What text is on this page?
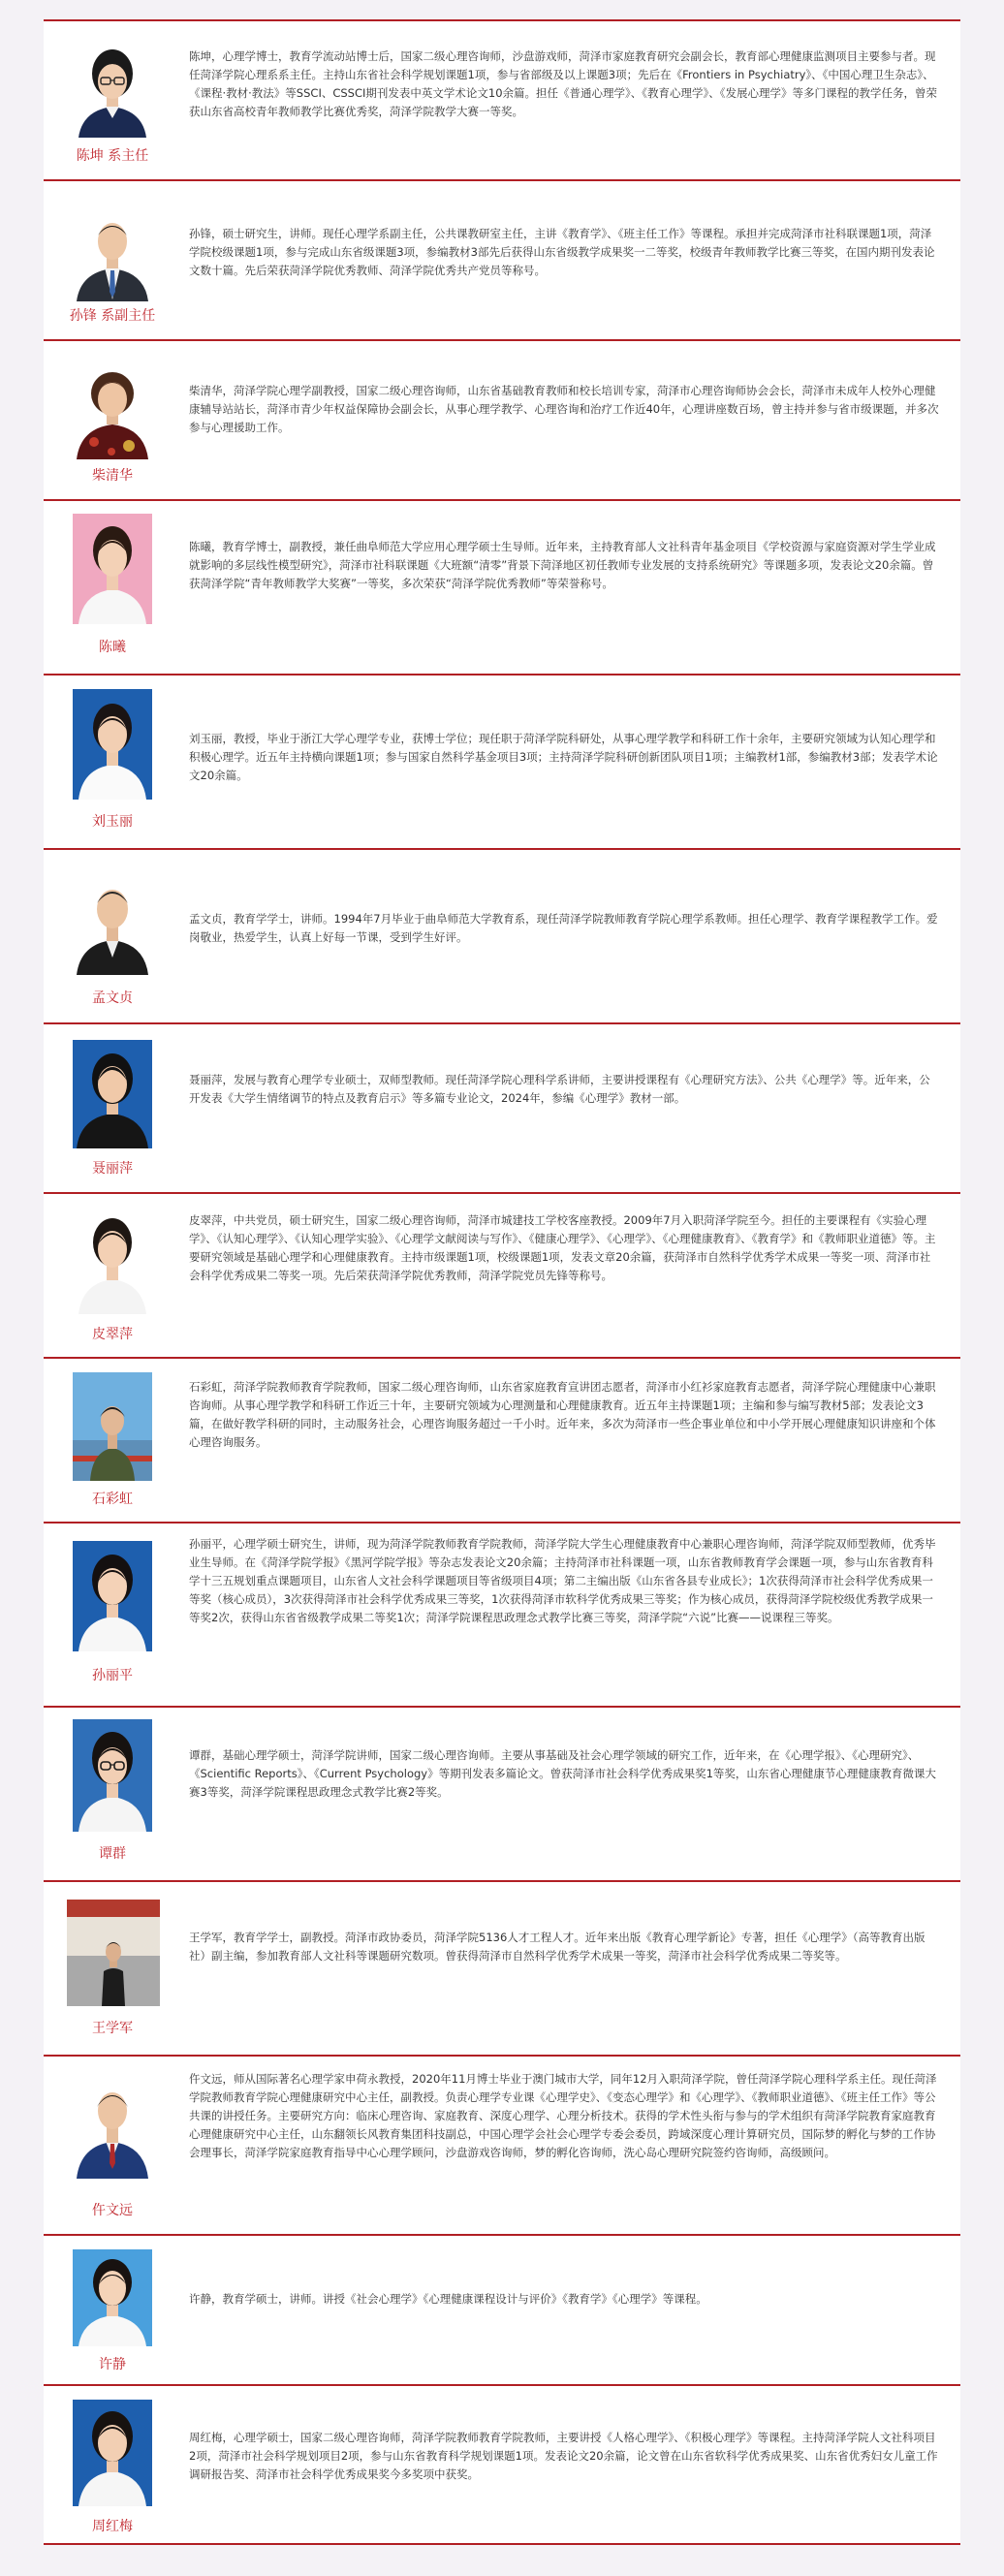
陈坤 系主任

陈坤，心理学博士，教育学流动站博士后，国家二级心理咨询师，沙盘游戏师，菏泽市家庭教育研究会副会长，教育部心理健康监测项目主要参与者。现任菏泽学院心理系系主任。主持山东省社会科学规划课题1项，参与省部级及以上课题3项；先后在《Frontiers in Psychiatry》、《中国心理卫生杂志》、《课程·教材·教法》等SSCI、CSSCI期刊发表中英文学术论文10余篇。担任《普通心理学》、《教育心理学》、《发展心理学》等多门课程的教学任务，曾荣获山东省高校青年教师教学比赛优秀奖，菏泽学院教学大赛一等奖。

孙锋 系副主任

孙锋，硕士研究生，讲师。现任心理学系副主任，公共课教研室主任，主讲《教育学》、《班主任工作》等课程。承担并完成菏泽市社科联课题1项，菏泽学院校级课题1项，参与完成山东省级课题3项，参编教材3部先后获得山东省级教学成果奖一二等奖，校级青年教师教学比赛三等奖，在国内期刊发表论文数十篇。先后荣获菏泽学院优秀教师、菏泽学院优秀共产党员等称号。

柴清华

柴清华，菏泽学院心理学副教授，国家二级心理咨询师，山东省基础教育教师和校长培训专家，菏泽市心理咨询师协会会长，菏泽市未成年人校外心理健康辅导站站长，菏泽市青少年权益保障协会副会长，从事心理学教学、心理咨询和治疗工作近40年，心理讲座数百场，曾主持并参与省市级课题，并多次参与心理援助工作。

陈曦

陈曦，教育学博士，副教授，兼任曲阜师范大学应用心理学硕士生导师。近年来，主持教育部人文社科青年基金项目《学校资源与家庭资源对学生学业成就影响的多层线性模型研究》，菏泽市社科联课题《大班额“清零”背景下菏泽地区初任教师专业发展的支持系统研究》等课题多项，发表论文20余篇。曾获菏泽学院“青年教师教学大奖赛”一等奖，多次荣获“菏泽学院优秀教师”等荣誉称号。

刘玉丽

刘玉丽，教授，毕业于浙江大学心理学专业，获博士学位；现任职于菏泽学院科研处，从事心理学教学和科研工作十余年，主要研究领域为认知心理学和积极心理学。近五年主持横向课题1项；参与国家自然科学基金项目3项；主持菏泽学院科研创新团队项目1项；主编教材1部，参编教材3部；发表学术论文20余篇。

孟文贞

孟文贞，教育学学士，讲师。1994年7月毕业于曲阜师范大学教育系，现任菏泽学院教师教育学院心理学系教师。担任心理学、教育学课程教学工作。爱岗敬业，热爱学生，认真上好每一节课，受到学生好评。

聂丽萍

聂丽萍，发展与教育心理学专业硕士，双师型教师。现任菏泽学院心理科学系讲师，主要讲授课程有《心理研究方法》、公共《心理学》等。近年来，公开发表《大学生情绪调节的特点及教育启示》等多篇专业论文，2024年，参编《心理学》教材一部。

皮翠萍

皮翠萍，中共党员，硕士研究生，国家二级心理咨询师，菏泽市城建技工学校客座教授。2009年7月入职菏泽学院至今。担任的主要课程有《实验心理学》、《认知心理学》、《认知心理学实验》、《心理学文献阅读与写作》、《健康心理学》、《心理学》、《心理健康教育》、《教育学》和《教师职业道德》等。主要研究领域是基础心理学和心理健康教育。主持市级课题1项，校级课题1项，发表文章20余篇，获菏泽市自然科学优秀学术成果一等奖一项、菏泽市社会科学优秀成果二等奖一项。先后荣获菏泽学院优秀教师，菏泽学院党员先锋等称号。

石彩虹

石彩虹，菏泽学院教师教育学院教师，国家二级心理咨询师，山东省家庭教育宣讲团志愿者，菏泽市小红衫家庭教育志愿者，菏泽学院心理健康中心兼职咨询师。从事心理学教学和科研工作近三十年，主要研究领域为心理测量和心理健康教育。近五年主持课题1项；主编和参与编写教材5部；发表论文3篇，在做好教学科研的同时，主动服务社会，心理咨询服务超过一千小时。近年来，多次为菏泽市一些企事业单位和中小学开展心理健康知识讲座和个体心理咨询服务。

孙丽平

孙丽平，心理学硕士研究生，讲师，现为菏泽学院教师教育学院教师，菏泽学院大学生心理健康教育中心兼职心理咨询师，菏泽学院双师型教师，优秀毕业生导师。在《菏泽学院学报》《黑河学院学报》等杂志发表论文20余篇；主持菏泽市社科课题一项，山东省教师教育学会课题一项，参与山东省教育科学十三五规划重点课题项目，山东省人文社会科学课题项目等省级项目4项；第二主编出版《山东省各县专业成长》；1次获得菏泽市社会科学优秀成果一等奖（核心成员），3次获得菏泽市社会科学优秀成果三等奖，1次获得菏泽市软科学优秀成果三等奖；作为核心成员，获得菏泽学院校级优秀教学成果一等奖2次，获得山东省省级教学成果二等奖1次；菏泽学院课程思政理念式教学比赛三等奖，菏泽学院“六说”比赛——说课程三等奖。

谭群

谭群，基础心理学硕士，菏泽学院讲师，国家二级心理咨询师。主要从事基础及社会心理学领域的研究工作，近年来，在《心理学报》、《心理研究》、《Scientific Reports》、《Current Psychology》等期刊发表多篇论文。曾获菏泽市社会科学优秀成果奖1等奖，山东省心理健康节心理健康教育微课大赛3等奖，菏泽学院课程思政理念式教学比赛2等奖。

王学军

王学军，教育学学士，副教授。菏泽市政协委员，菏泽学院5136人才工程人才。近年来出版《教育心理学新论》专著，担任《心理学》（高等教育出版社）副主编，参加教育部人文社科等课题研究数项。曾获得菏泽市自然科学优秀学术成果一等奖，菏泽市社会科学优秀成果二等奖等。

仵文远

仵文远，师从国际著名心理学家申荷永教授，2020年11月博士毕业于澳门城市大学，同年12月入职菏泽学院，曾任菏泽学院心理科学系主任。现任菏泽学院教师教育学院心理健康研究中心主任，副教授。负责心理学专业课《心理学史》、《变态心理学》和《心理学》、《教师职业道德》、《班主任工作》等公共课的讲授任务。主要研究方向：临床心理咨询、家庭教育、深度心理学、心理分析技术。获得的学术性头衔与参与的学术组织有菏泽学院教育家庭教育心理健康研究中心主任，山东翻领长风教育集团科技副总，中国心理学会社会心理学专委会委员，跨域深度心理计算研究员，国际梦的孵化与梦的工作协会理事长，菏泽学院家庭教育指导中心心理学顾问，沙盘游戏咨询师，梦的孵化咨询师，洗心岛心理研究院签约咨询师，高级顾问。

许静

许静，教育学硕士，讲师。讲授《社会心理学》《心理健康课程设计与评价》《教育学》《心理学》等课程。

周红梅

周红梅，心理学硕士，国家二级心理咨询师，菏泽学院教师教育学院教师，主要讲授《人格心理学》、《积极心理学》等课程。主持菏泽学院人文社科项目2项，菏泽市社会科学规划项目2项，参与山东省教育科学规划课题1项。发表论文20余篇，论文曾在山东省软科学优秀成果奖、山东省优秀妇女儿童工作调研报告奖、菏泽市社会科学优秀成果奖今多奖项中获奖。
